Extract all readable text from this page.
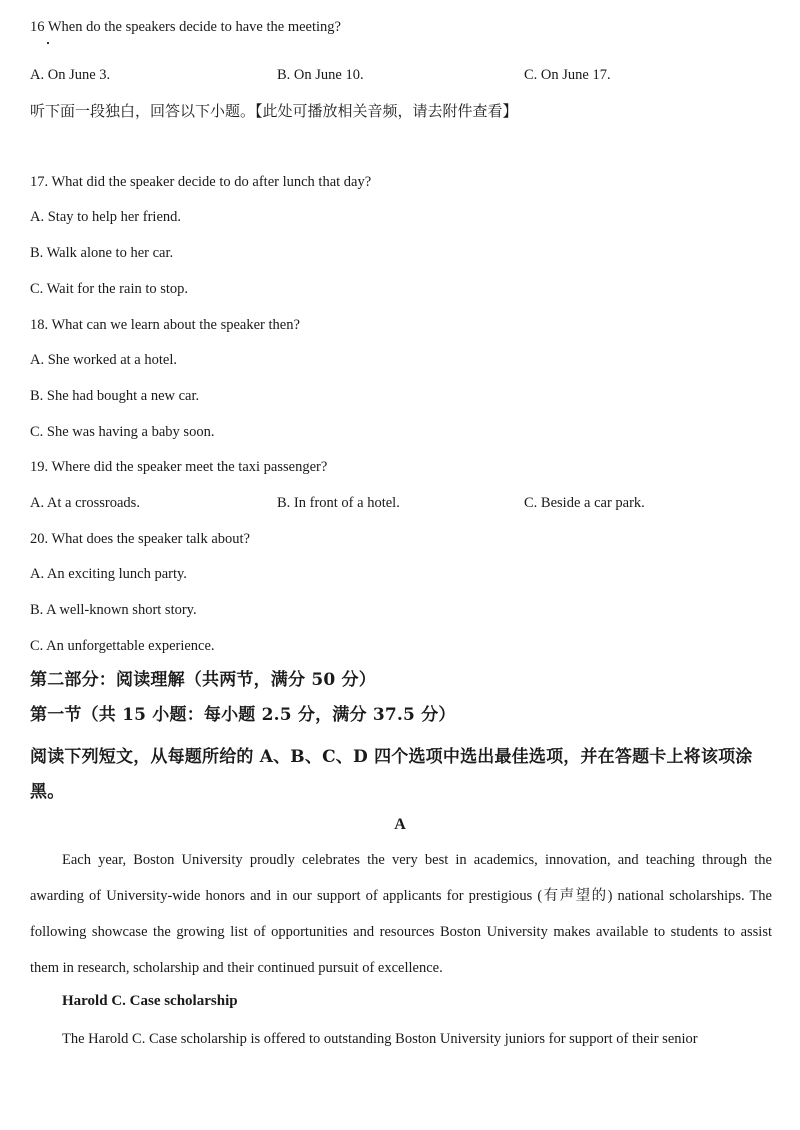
16 When do the speakers decide to have the meeting?
A. On June 3.	B. On June 10.	C. On June 17.
听下面一段独白，回答以下小题。【此处可播放相关音频，请去附件查看】
17. What did the speaker decide to do after lunch that day?
A. Stay to help her friend.
B. Walk alone to her car.
C. Wait for the rain to stop.
18. What can we learn about the speaker then?
A. She worked at a hotel.
B. She had bought a new car.
C. She was having a baby soon.
19. Where did the speaker meet the taxi passenger?
A. At a crossroads.	B. In front of a hotel.	C. Beside a car park.
20. What does the speaker talk about?
A. An exciting lunch party.
B. A well-known short story.
C. An unforgettable experience.
第二部分：阅读理解（共两节，满分 50 分）
第一节（共 15 小题：每小题 2.5 分，满分 37.5 分）
阅读下列短文，从每题所给的 A、B、C、D 四个选项中选出最佳选项，并在答题卡上将该项涂黑。
A
Each year, Boston University proudly celebrates the very best in academics, innovation, and teaching through the awarding of University-wide honors and in our support of applicants for prestigious (有声望的) national scholarships. The following showcase the growing list of opportunities and resources Boston University makes available to students to assist them in research, scholarship and their continued pursuit of excellence.
Harold C. Case scholarship
The Harold C. Case scholarship is offered to outstanding Boston University juniors for support of their senior
